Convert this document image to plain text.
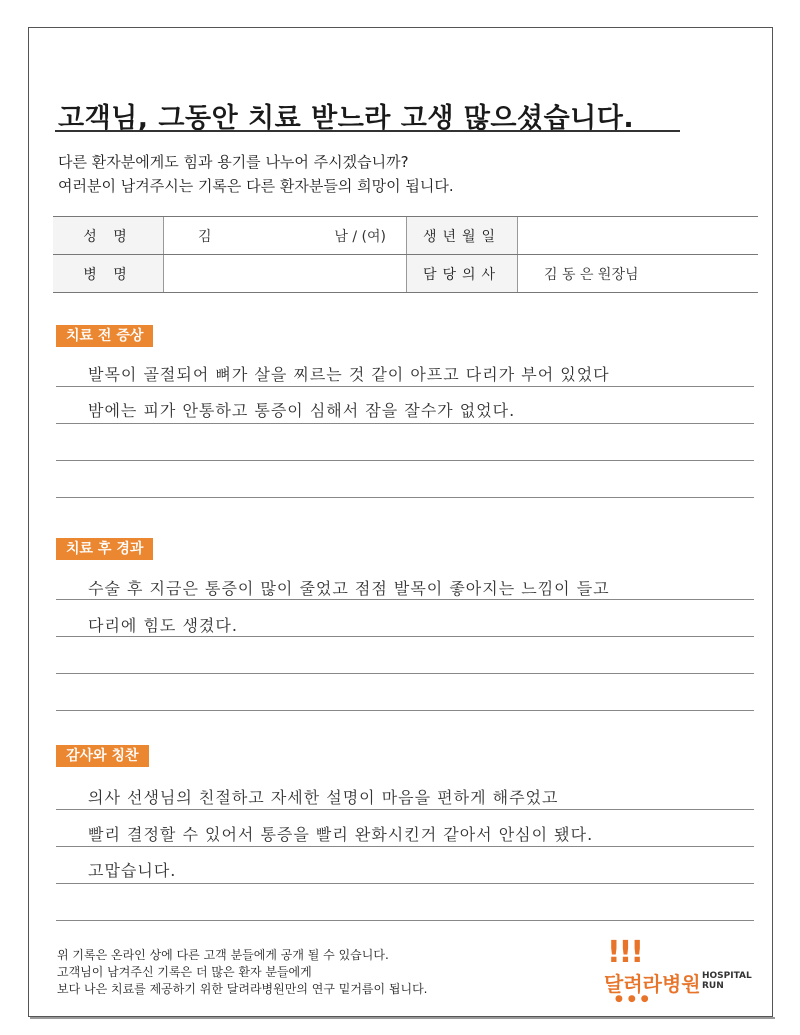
고객님, 그동안 치료 받느라 고생 많으셨습니다.
다른 환자분에게도 힘과 용기를 나누어 주시겠습니까?
여러분이 남겨주시는 기록은 다른 환자분들의 희망이 됩니다.
성 명	김 남 / (여)	생년월일	
병 명		담당의사	김 동 은 원장님
치료 전 증상
발목이 골절되어 뼈가 살을 찌르는 것 같이 아프고 다리가 부어 있었다
밤에는 피가 안통하고 통증이 심해서 잠을 잘수가 없었다.
치료 후 경과
수술 후 지금은 통증이 많이 줄었고 점점 발목이 좋아지는 느낌이 들고
다리에 힘도 생겼다.
감사와 칭찬
의사 선생님의 친절하고 자세한 설명이 마음을 편하게 해주었고
빨리 결정할 수 있어서 통증을 빨리 완화시킨거 같아서 안심이 됐다.
고맙습니다.
위 기록은 온라인 상에 다른 고객 분들에게 공개 될 수 있습니다.
고객님이 남겨주신 기록은 더 많은 환자 분들에게
보다 나은 치료를 제공하기 위한 달려라병원만의 연구 밑거름이 됩니다.
!!!
달려라병원 HOSPITAL
RUN
●●●
